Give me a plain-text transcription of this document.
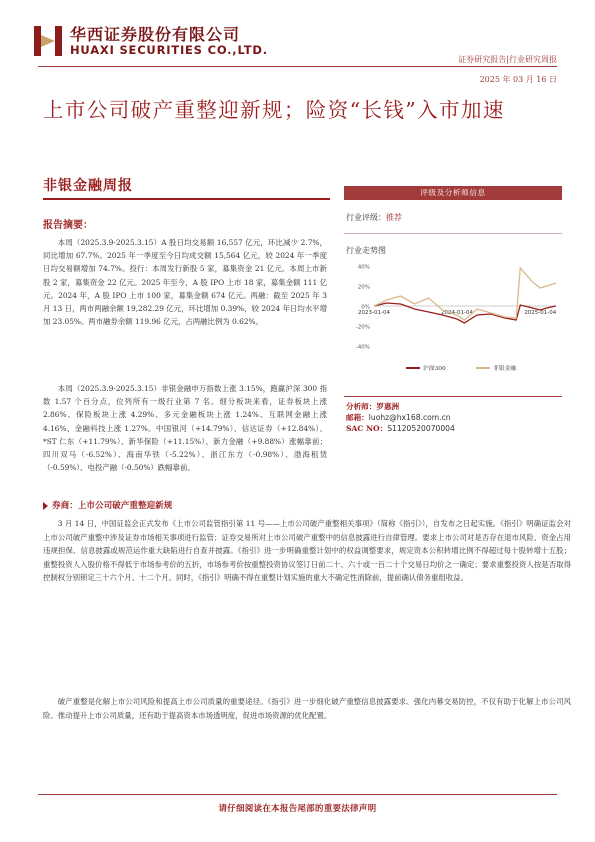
华西证券股份有限公司
HUAXI SECURITIES CO.,LTD.
证券研究报告|行业研究周报
2025 年 03 月 16 日
上市公司破产重整迎新规；险资“长钱”入市加速
非银金融周报
报告摘要：

本周（2025.3.9-2025.3.15）A 股日均交易额 16,557 亿元，环比减少 2.7%，同比增加 67.7%。2025 年一季度至今日均成交额 15,564 亿元，较 2024 年一季度日均交易额增加 74.7%。投行：本周发行新股 5 家，募集资金 21 亿元。本周上市新股 2 家，募集资金 22 亿元。2025 年至今，A 股 IPO 上市 18 家，募集金额 111 亿元。2024 年，A 股 IPO 上市 100 家，募集金额 674 亿元。两融：截至 2025 年 3 月 13 日，两市两融余额 19,282.29 亿元，环比增加 0.39%，较 2024 年日均水平增加 23.05%。两市融券余额 119.96 亿元，占两融比例为 0.62%。

本周（2025.3.9-2025.3.15）非银金融申万指数上涨 3.15%，跑赢沪深 300 指数 1.57 个百分点，位列所有一级行业第 7 名。细分板块来看，证券板块上涨 2.86%、保险板块上涨 4.29%、多元金融板块上涨 1.24%、互联网金融上涨 4.16%、金融科技上涨 1.27%。中国银河（+14.79%）、信达证券（+12.84%）、*ST 仁东（+11.79%）、新华保险（+11.15%）、新力金融（+9.88%）涨幅靠前；四川双马（-6.52%）、海南华铁（-5.22%）、浙江东方（-0.98%）、渤海租赁（-0.59%）、电投产融（-0.50%）跌幅靠前。

券商：上市公司破产重整迎新规

3 月 14 日，中国证监会正式发布《上市公司监管指引第 11 号——上市公司破产重整相关事项》（简称《指引》），自发布之日起实施。《指引》明确证监会对上市公司破产重整中涉及证券市场相关事项进行监管；证券交易所对上市公司破产重整中的信息披露进行自律管理。要求上市公司对是否存在退市风险、资金占用违规担保、信息披露或规范运作重大缺陷进行自查并披露。《指引》进一步明确重整计划中的权益调整要求，规定资本公积转增比例不得超过每十股转增十五股；重整投资人入股价格不得低于市场参考价的五折，市场参考价按重整投资协议签订日前二十、六十或一百二十个交易日均价之一确定；要求重整投资人按是否取得控制权分别锁定三十六个月、十二个月。同时，《指引》明确不得在重整计划实施的重大不确定性消除前，提前确认债务重组收益。

破产重整是化解上市公司风险和提高上市公司质量的重要途径。《指引》进一步细化破产重整信息披露要求、强化内幕交易防控，不仅有助于化解上市公司风险、推动提升上市公司质量，还有助于提高资本市场透明度，促进市场资源的优化配置。

评级及分析师信息
行业评级：推荐
行业走势图
40%
20%
0%
-20%
-40%
2023-01-04	2024-01-04	2025-01-04
沪深300	非银金融
分析师：罗惠洲
邮箱：luohz@hx168.com.cn
SAC NO：S1120520070004
请仔细阅读在本报告尾部的重要法律声明
